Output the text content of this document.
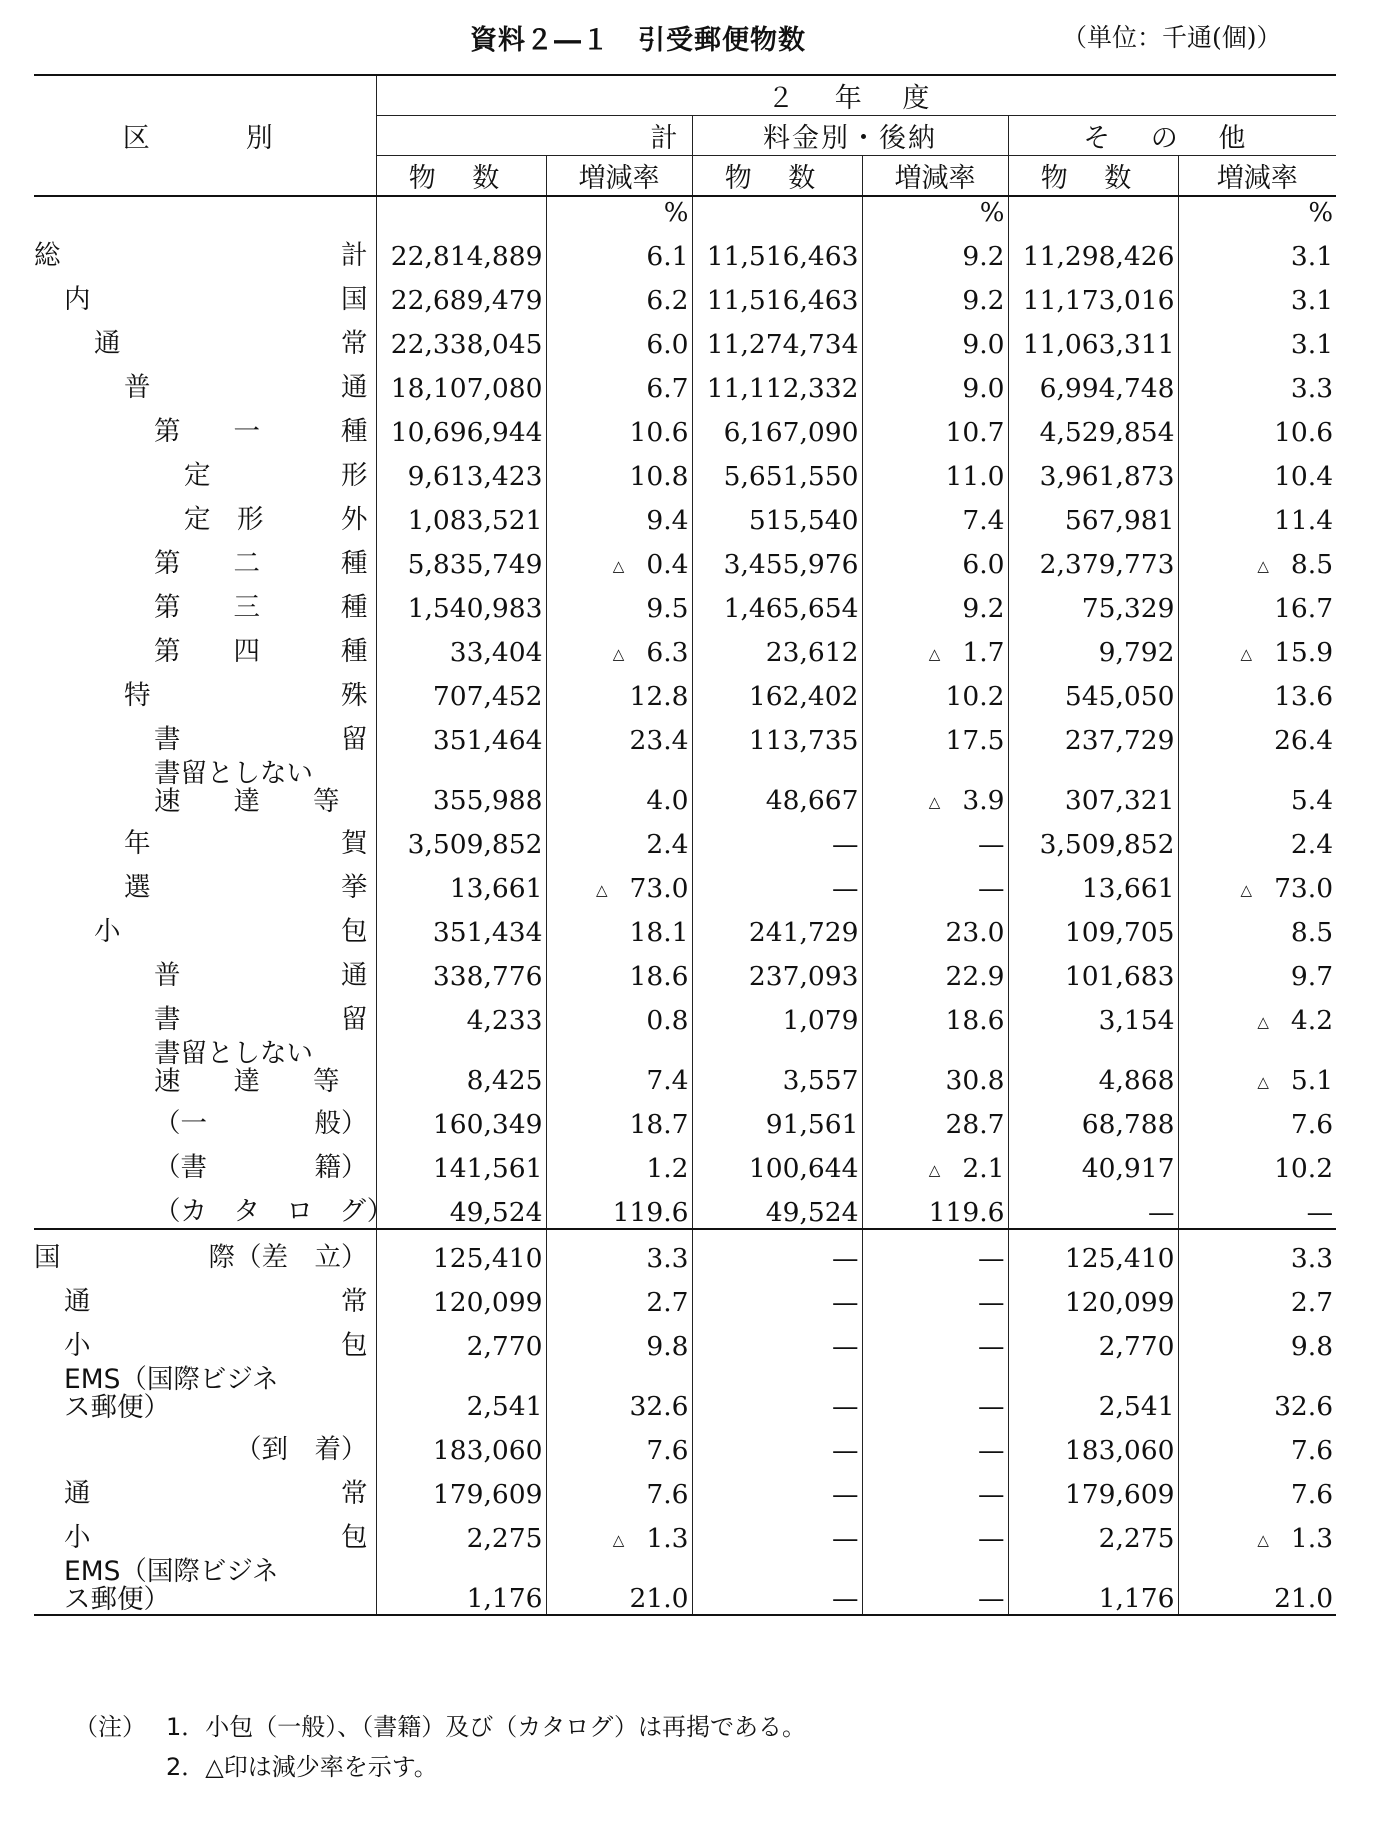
資料２―１　引受郵便物数	（単位：千通(個)）
区　　別	２ 年 度					
	計		料金別・後納		そ の 他	
	物 数	増減率	物 数	増減率	物 数	増減率
		%		%		%

総 計	22,814,889	6.1	11,516,463	9.2	11,298,426	3.1

内 国	22,689,479	6.2	11,516,463	9.2	11,173,016	3.1

通 常	22,338,045	6.0	11,274,734	9.0	11,063,311	3.1

普 通	18,107,080	6.7	11,112,332	9.0	6,994,748	3.3

第　　一 種	10,696,944	10.6	6,167,090	10.7	4,529,854	10.6

定 形	9,613,423	10.8	5,651,550	11.0	3,961,873	10.4

定　形 外	1,083,521	9.4	515,540	7.4	567,981	11.4

第　　二 種	5,835,749	△ 0.4	3,455,976	6.0	2,379,773	△ 8.5

第　　三 種	1,540,983	9.5	1,465,654	9.2	75,329	16.7

第　　四 種	33,404	△ 6.3	23,612	△ 1.7	9,792	△ 15.9

特 殊	707,452	12.8	162,402	10.2	545,050	13.6

書 留	351,464	23.4	113,735	17.5	237,729	26.4

書留としない
速　　達　　等	355,988	4.0	48,667	△ 3.9	307,321	5.4

年 賀	3,509,852	2.4	—	—	3,509,852	2.4

選 挙	13,661	△ 73.0	—	—	13,661	△ 73.0

小 包	351,434	18.1	241,729	23.0	109,705	8.5

普 通	338,776	18.6	237,093	22.9	101,683	9.7

書 留	4,233	0.8	1,079	18.6	3,154	△ 4.2

書留としない
速　　達　　等	8,425	7.4	3,557	30.8	4,868	△ 5.1

（一 般）	160,349	18.7	91,561	28.7	68,788	7.6

（書 籍）	141,561	1.2	100,644	△ 2.1	40,917	10.2

（カ　タ　ロ　グ）	49,524	119.6	49,524	119.6	—	—

国 際（差　立）	125,410	3.3	—	—	125,410	3.3

通 常	120,099	2.7	—	—	120,099	2.7

小 包	2,770	9.8	—	—	2,770	9.8

EMS（国際ビジネ
ス郵便）	2,541	32.6	—	—	2,541	32.6

（到　着）	183,060	7.6	—	—	183,060	7.6

通 常	179,609	7.6	—	—	179,609	7.6

小 包	2,275	△ 1.3	—	—	2,275	△ 1.3

EMS（国際ビジネ
ス郵便）	1,176	21.0	—	—	1,176	21.0
（注） 1．小包（一般）、（書籍）及び（カタログ）は再掲である。
2．△印は減少率を示す。
